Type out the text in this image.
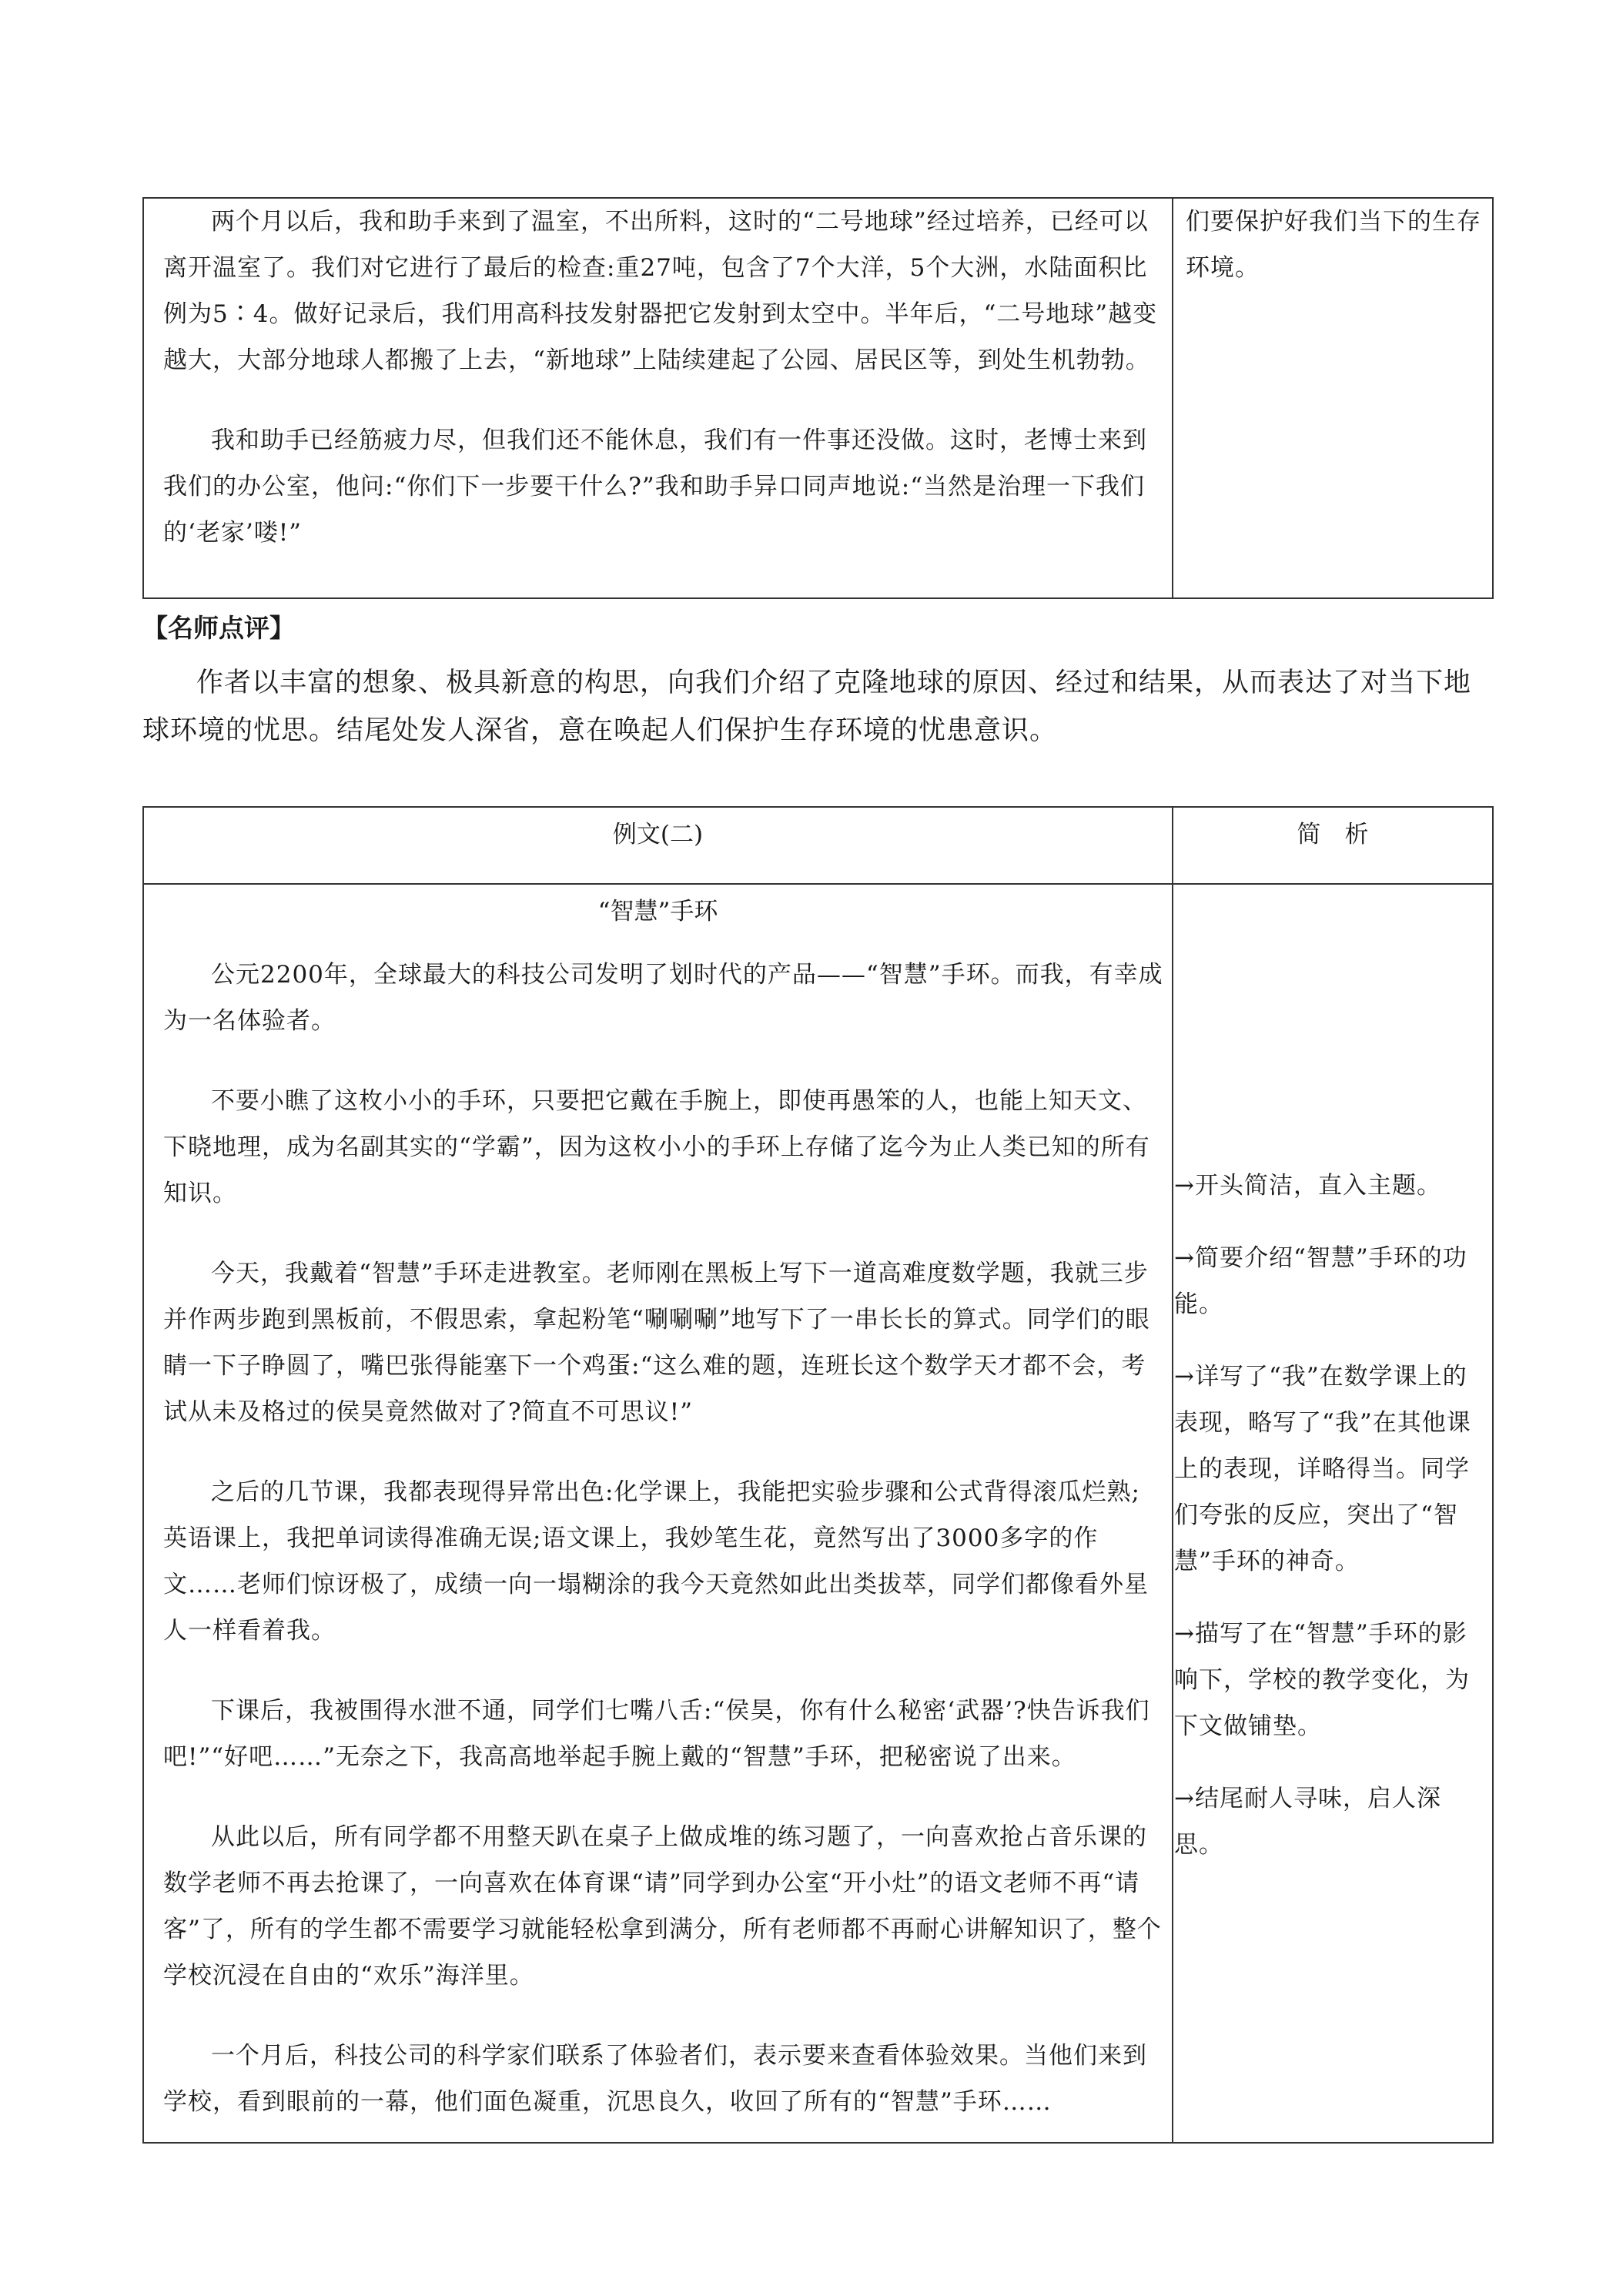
两个月以后，我和助手来到了温室，不出所料，这时的“二号地球”经过培养，已经可以离开温室了。我们对它进行了最后的检查:重27吨，包含了7个大洋，5个大洲，水陆面积比例为5∶4。做好记录后，我们用高科技发射器把它发射到太空中。半年后，“二号地球”越变越大，大部分地球人都搬了上去，“新地球”上陆续建起了公园、居民区等，到处生机勃勃。

我和助手已经筋疲力尽，但我们还不能休息，我们有一件事还没做。这时，老博士来到我们的办公室，他问:“你们下一步要干什么?”我和助手异口同声地说:“当然是治理一下我们的‘老家’喽!”

们要保护好我们当下的生存环境。

【名师点评】

作者以丰富的想象、极具新意的构思，向我们介绍了克隆地球的原因、经过和结果，从而表达了对当下地球环境的忧思。结尾处发人深省，意在唤起人们保护生存环境的忧患意识。

例文(二)	简　析
“智慧”手环

公元2200年，全球最大的科技公司发明了划时代的产品——“智慧”手环。而我，有幸成为一名体验者。

不要小瞧了这枚小小的手环，只要把它戴在手腕上，即使再愚笨的人，也能上知天文、下晓地理，成为名副其实的“学霸”，因为这枚小小的手环上存储了迄今为止人类已知的所有知识。

今天，我戴着“智慧”手环走进教室。老师刚在黑板上写下一道高难度数学题，我就三步并作两步跑到黑板前，不假思索，拿起粉笔“唰唰唰”地写下了一串长长的算式。同学们的眼睛一下子睁圆了，嘴巴张得能塞下一个鸡蛋:“这么难的题，连班长这个数学天才都不会，考试从未及格过的侯昊竟然做对了?简直不可思议!”

之后的几节课，我都表现得异常出色:化学课上，我能把实验步骤和公式背得滚瓜烂熟;英语课上，我把单词读得准确无误;语文课上，我妙笔生花，竟然写出了3000多字的作文……老师们惊讶极了，成绩一向一塌糊涂的我今天竟然如此出类拔萃，同学们都像看外星人一样看着我。

下课后，我被围得水泄不通，同学们七嘴八舌:“侯昊，你有什么秘密‘武器’?快告诉我们吧!”“好吧……”无奈之下，我高高地举起手腕上戴的“智慧”手环，把秘密说了出来。

从此以后，所有同学都不用整天趴在桌子上做成堆的练习题了，一向喜欢抢占音乐课的数学老师不再去抢课了，一向喜欢在体育课“请”同学到办公室“开小灶”的语文老师不再“请客”了，所有的学生都不需要学习就能轻松拿到满分，所有老师都不再耐心讲解知识了，整个学校沉浸在自由的“欢乐”海洋里。

一个月后，科技公司的科学家们联系了体验者们，表示要来查看体验效果。当他们来到学校，看到眼前的一幕，他们面色凝重，沉思良久，收回了所有的“智慧”手环……

→开头简洁，直入主题。

→简要介绍“智慧”手环的功能。

→详写了“我”在数学课上的表现，略写了“我”在其他课上的表现，详略得当。同学们夸张的反应，突出了“智慧”手环的神奇。

→描写了在“智慧”手环的影响下，学校的教学变化，为下文做铺垫。

→结尾耐人寻味，启人深思。
